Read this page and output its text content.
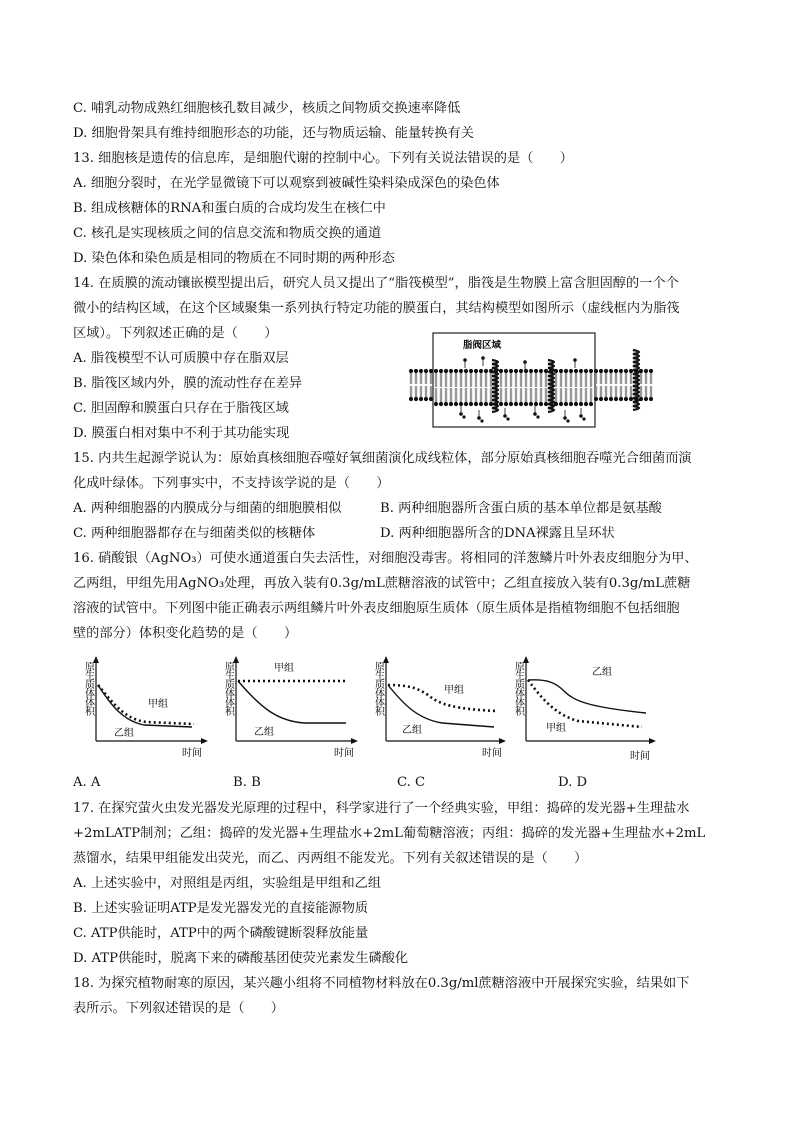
C. 哺乳动物成熟红细胞核孔数目减少，核质之间物质交换速率降低
D. 细胞骨架具有维持细胞形态的功能，还与物质运输、能量转换有关
13. 细胞核是遗传的信息库，是细胞代谢的控制中心。下列有关说法错误的是（　　）
A. 细胞分裂时，在光学显微镜下可以观察到被碱性染料染成深色的染色体
B. 组成核糖体的RNA和蛋白质的合成均发生在核仁中
C. 核孔是实现核质之间的信息交流和物质交换的通道
D. 染色体和染色质是相同的物质在不同时期的两种形态
14. 在质膜的流动镶嵌模型提出后，研究人员又提出了“脂筏模型”，脂筏是生物膜上富含胆固醇的一个个
微小的结构区域，在这个区域聚集一系列执行特定功能的膜蛋白，其结构模型如图所示（虚线框内为脂筏
区域）。下列叙述正确的是（　　）
A. 脂筏模型不认可质膜中存在脂双层
B. 脂筏区域内外，膜的流动性存在差异
C. 胆固醇和膜蛋白只存在于脂筏区域
D. 膜蛋白相对集中不利于其功能实现
脂阀区域
15. 内共生起源学说认为：原始真核细胞吞噬好氧细菌演化成线粒体，部分原始真核细胞吞噬光合细菌而演
化成叶绿体。下列事实中，不支持该学说的是（　　）
A. 两种细胞器的内膜成分与细菌的细胞膜相似	B. 两种细胞器所含蛋白质的基本单位都是氨基酸
C. 两种细胞器都存在与细菌类似的核糖体	D. 两种细胞器所含的DNA裸露且呈环状
16. 硝酸银（AgNO₃）可使水通道蛋白失去活性，对细胞没毒害。将相同的洋葱鳞片叶外表皮细胞分为甲、
乙两组，甲组先用AgNO₃处理，再放入装有0.3g/mL蔗糖溶液的试管中；乙组直接放入装有0.3g/mL蔗糖
溶液的试管中。下列图中能正确表示两组鳞片叶外表皮细胞原生质体（原生质体是指植物细胞不包括细胞
壁的部分）体积变化趋势的是（　　）
原生质体体积
时间
甲组
乙组
原生质体体积
时间
甲组
乙组
原生质体体积
时间
甲组
乙组
原生质体体积
时间
乙组
甲组
A. A	B. B	C. C	D. D
17. 在探究萤火虫发光器发光原理的过程中，科学家进行了一个经典实验，甲组：捣碎的发光器+生理盐水
+2mLATP制剂；乙组：捣碎的发光器+生理盐水+2mL葡萄糖溶液；丙组：捣碎的发光器+生理盐水+2mL
蒸馏水，结果甲组能发出荧光，而乙、丙两组不能发光。下列有关叙述错误的是（　　）
A. 上述实验中，对照组是丙组，实验组是甲组和乙组
B. 上述实验证明ATP是发光器发光的直接能源物质
C. ATP供能时，ATP中的两个磷酸键断裂释放能量
D. ATP供能时，脱离下来的磷酸基团使荧光素发生磷酸化
18. 为探究植物耐寒的原因，某兴趣小组将不同植物材料放在0.3g/ml蔗糖溶液中开展探究实验，结果如下
表所示。下列叙述错误的是（　　）
